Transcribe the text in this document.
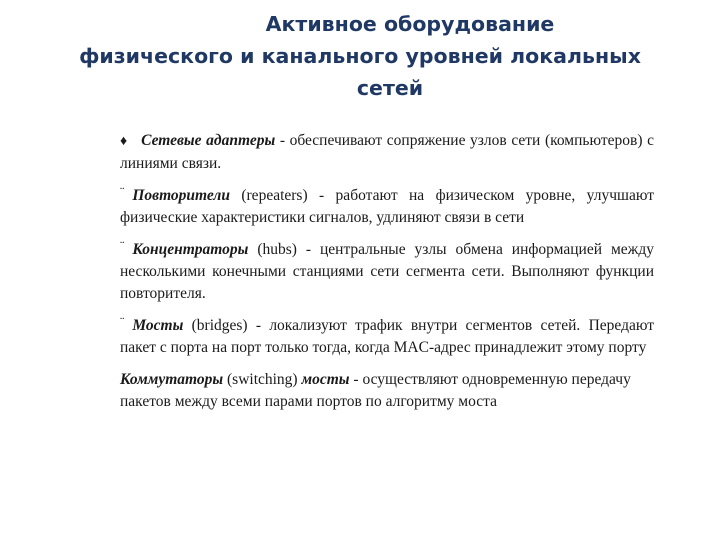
Активное оборудование
физического и канального уровней локальных
сетей

♦ Сетевые адаптеры - обеспечивают сопряжение узлов сети (компьютеров) с линиями связи.

¨ Повторители (repeaters) - работают на физическом уровне, улучшают физические характеристики сигналов, удлиняют связи в сети

¨ Концентраторы (hubs) - центральные узлы обмена информацией между несколькими конечными станциями сети сегмента сети. Выполняют функции повторителя.

¨ Мосты (bridges) - локализуют трафик внутри сегментов сетей. Передают пакет с порта на порт только тогда, когда MAC-адрес принадлежит этому порту

Коммутаторы (switching) мосты - осуществляют одновременную передачу пакетов между всеми парами портов по алгоритму моста
